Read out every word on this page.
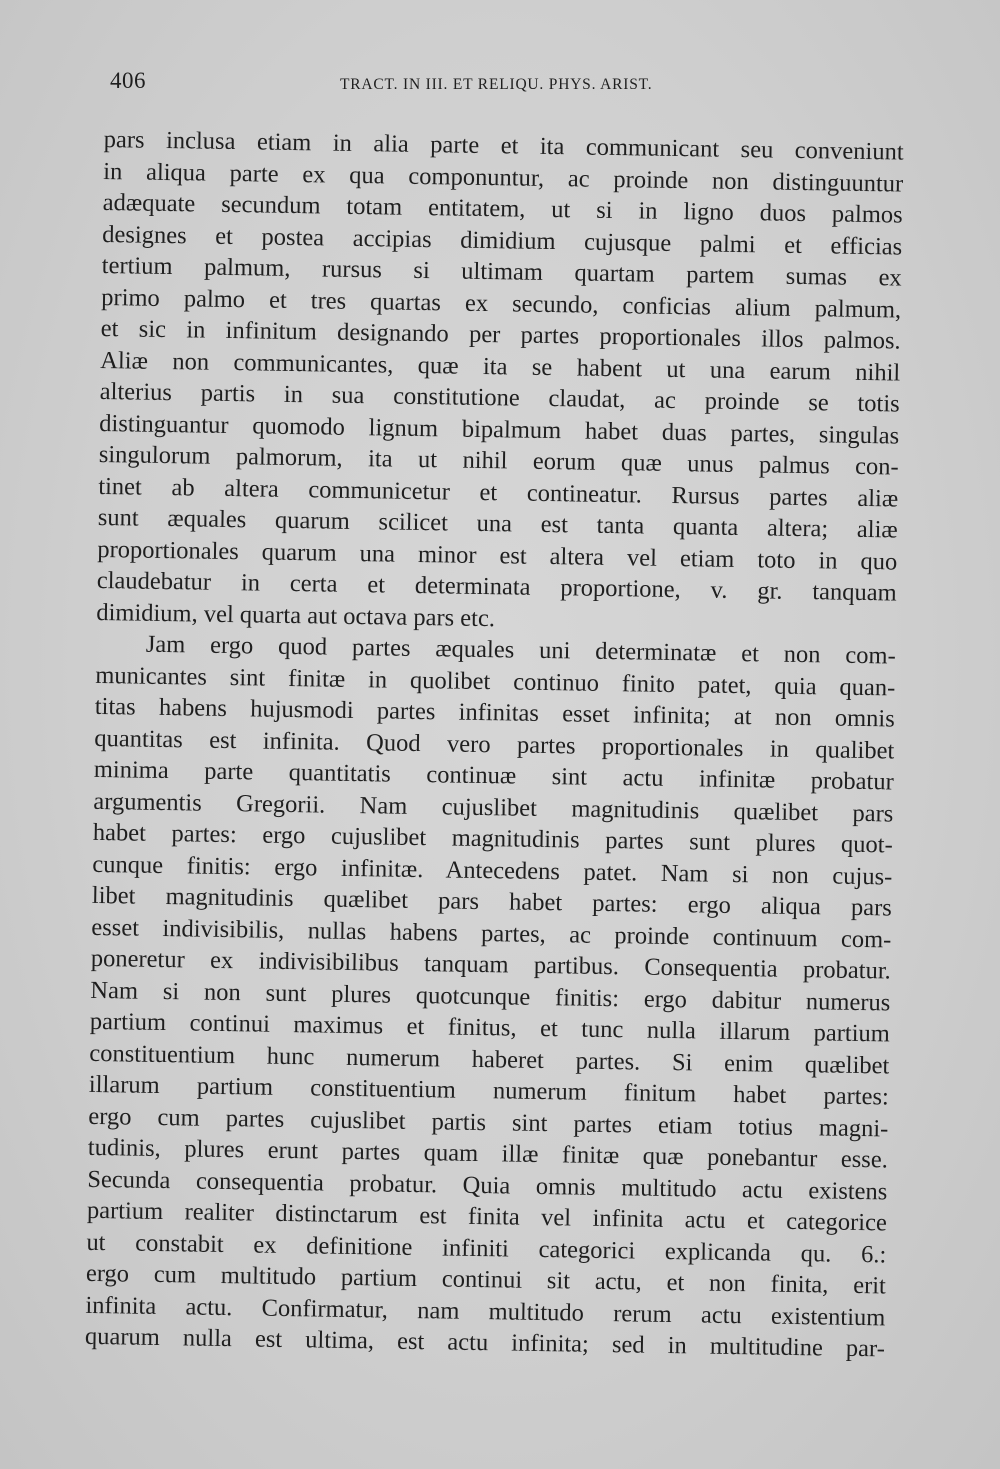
406	TRACT. IN III. ET RELIQU. PHYS. ARIST.
pars inclusa etiam in alia parte et ita communicant seu conveniunt
in aliqua parte ex qua componuntur, ac proinde non distinguuntur
adæquate secundum totam entitatem, ut si in ligno duos palmos
designes et postea accipias dimidium cujusque palmi et efficias
tertium palmum, rursus si ultimam quartam partem sumas ex
primo palmo et tres quartas ex secundo, conficias alium palmum,
et sic in infinitum designando per partes proportionales illos palmos.
Aliæ non communicantes, quæ ita se habent ut una earum nihil
alterius partis in sua constitutione claudat, ac proinde se totis
distinguantur quomodo lignum bipalmum habet duas partes, singulas
singulorum palmorum, ita ut nihil eorum quæ unus palmus con-
tinet ab altera communicetur et contineatur. Rursus partes aliæ
sunt æquales quarum scilicet una est tanta quanta altera; aliæ
proportionales quarum una minor est altera vel etiam toto in quo
claudebatur in certa et determinata proportione, v. gr. tanquam
dimidium, vel quarta aut octava pars etc.
Jam ergo quod partes æquales uni determinatæ et non com-
municantes sint finitæ in quolibet continuo finito patet, quia quan-
titas habens hujusmodi partes infinitas esset infinita; at non omnis
quantitas est infinita. Quod vero partes proportionales in qualibet
minima parte quantitatis continuæ sint actu infinitæ probatur
argumentis Gregorii. Nam cujuslibet magnitudinis quælibet pars
habet partes: ergo cujuslibet magnitudinis partes sunt plures quot-
cunque finitis: ergo infinitæ. Antecedens patet. Nam si non cujus-
libet magnitudinis quælibet pars habet partes: ergo aliqua pars
esset indivisibilis, nullas habens partes, ac proinde continuum com-
poneretur ex indivisibilibus tanquam partibus. Consequentia probatur.
Nam si non sunt plures quotcunque finitis: ergo dabitur numerus
partium continui maximus et finitus, et tunc nulla illarum partium
constituentium hunc numerum haberet partes. Si enim quælibet
illarum partium constituentium numerum finitum habet partes:
ergo cum partes cujuslibet partis sint partes etiam totius magni-
tudinis, plures erunt partes quam illæ finitæ quæ ponebantur esse.
Secunda consequentia probatur. Quia omnis multitudo actu existens
partium realiter distinctarum est finita vel infinita actu et categorice
ut constabit ex definitione infiniti categorici explicanda qu. 6.:
ergo cum multitudo partium continui sit actu, et non finita, erit
infinita actu. Confirmatur, nam multitudo rerum actu existentium
quarum nulla est ultima, est actu infinita; sed in multitudine par-
